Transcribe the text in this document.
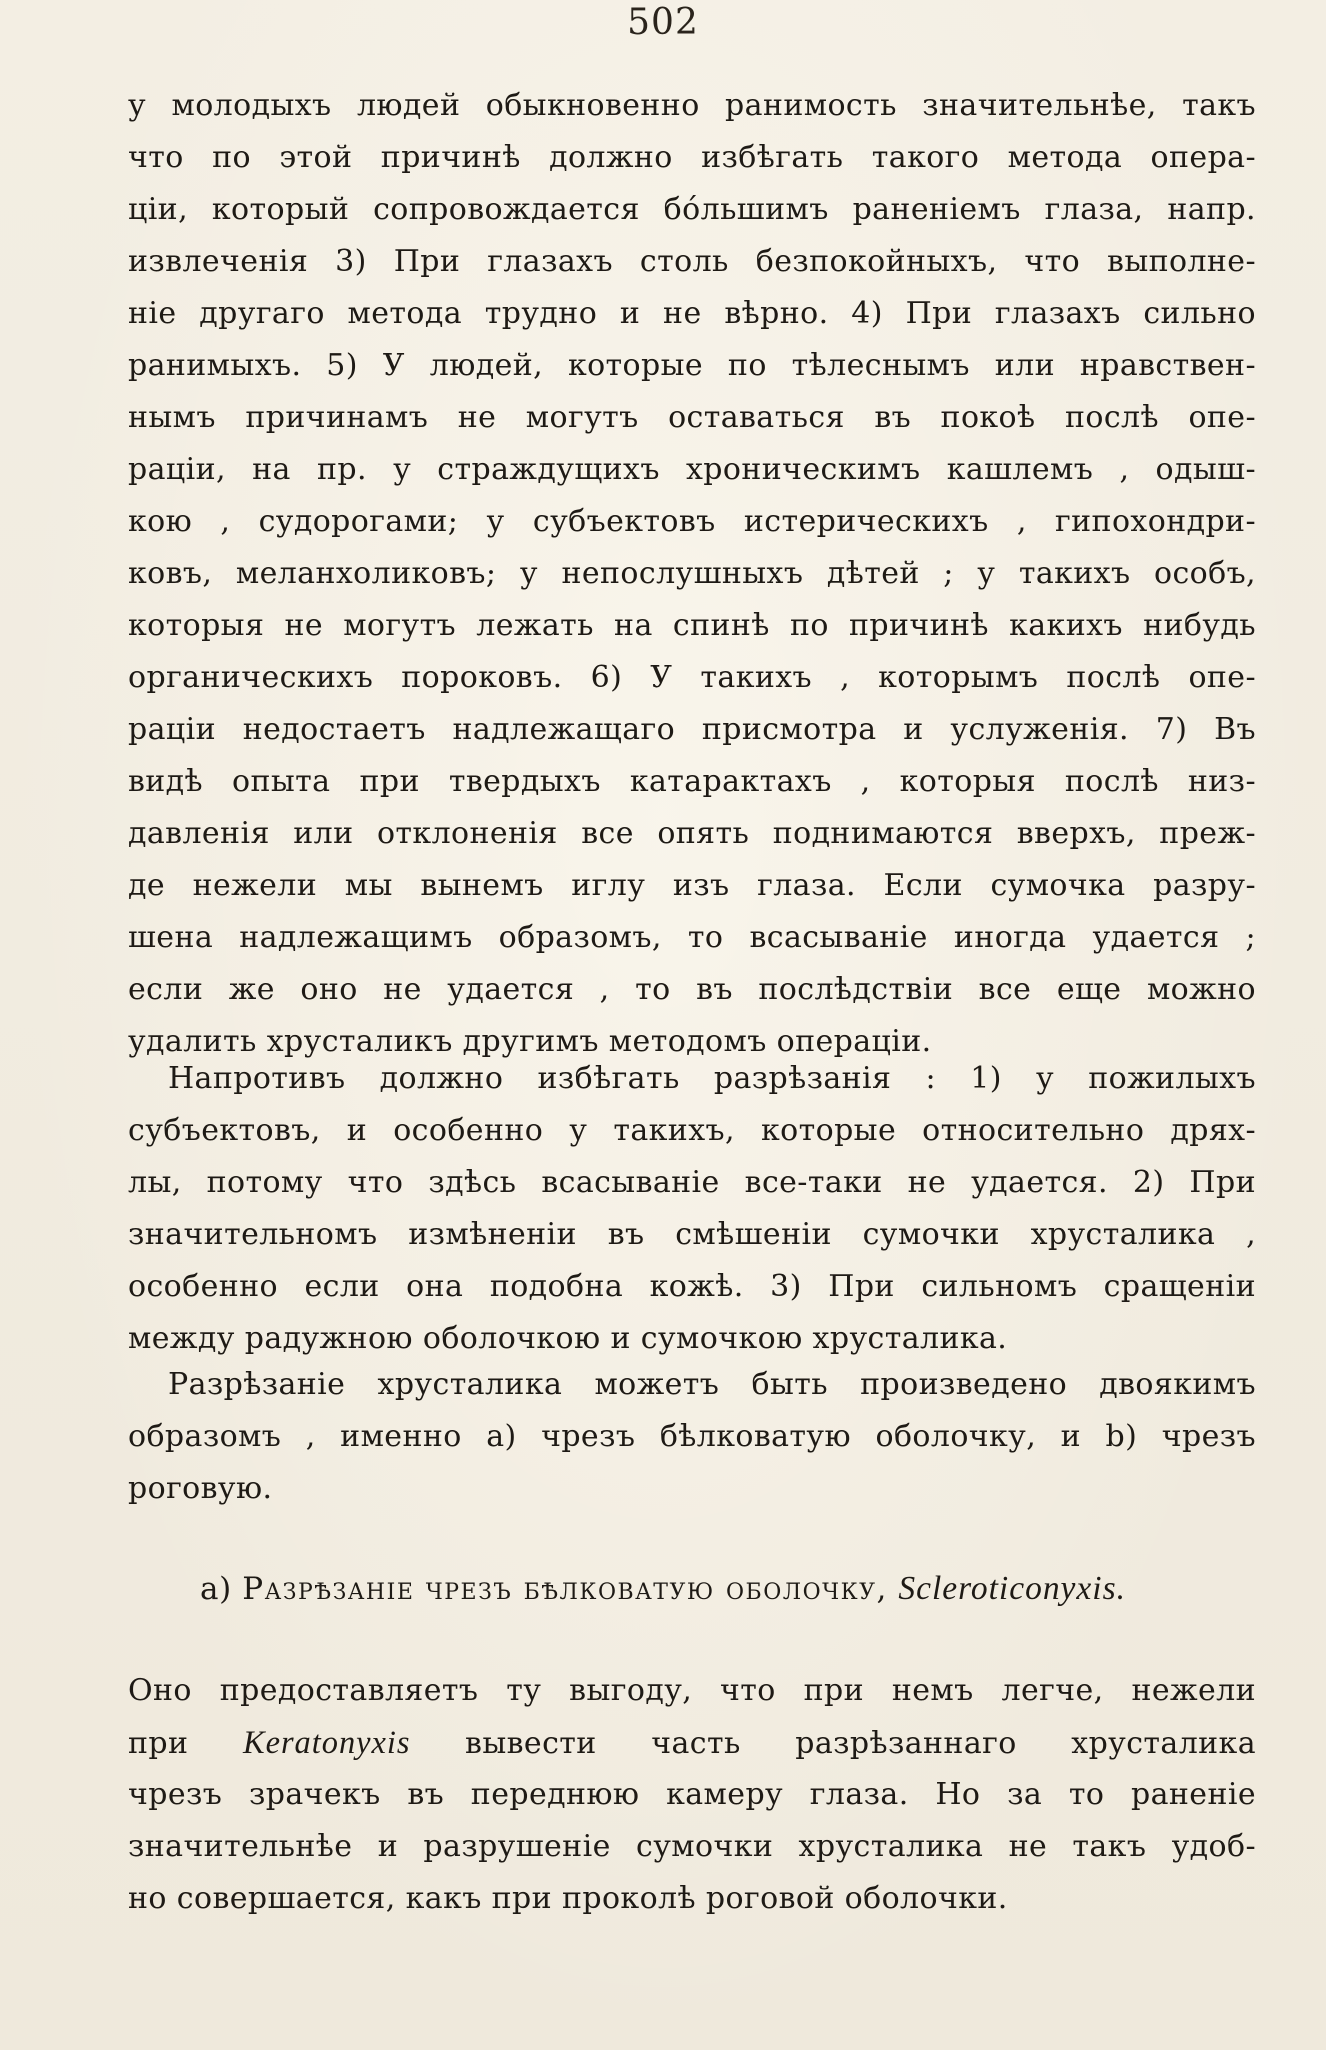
502
у молодыхъ людей обыкновенно ранимость значительнѣе, такъ
что по этой причинѣ должно избѣгать такого метода опера-
ціи, который сопровождается бо́льшимъ раненіемъ глаза, напр.
извлеченія 3) При глазахъ столь безпокойныхъ, что выполне-
ніе другаго метода трудно и не вѣрно. 4) При глазахъ сильно
ранимыхъ. 5) У людей, которые по тѣлеснымъ или нравствен-
нымъ причинамъ не могутъ оставаться въ покоѣ послѣ опе-
раціи, на пр. у страждущихъ хроническимъ кашлемъ , одыш-
кою , судорогами; у субъектовъ истерическихъ , гипохондри-
ковъ, меланхоликовъ; у непослушныхъ дѣтей ; у такихъ особъ,
которыя не могутъ лежать на спинѣ по причинѣ какихъ нибудь
органическихъ пороковъ. 6) У такихъ , которымъ послѣ опе-
раціи недостаетъ надлежащаго присмотра и услуженія. 7) Въ
видѣ опыта при твердыхъ катарактахъ , которыя послѣ низ-
давленія или отклоненія все опять поднимаются вверхъ, преж-
де нежели мы вынемъ иглу изъ глаза. Если сумочка разру-
шена надлежащимъ образомъ, то всасываніе иногда удается ;
если же оно не удается , то въ послѣдствіи все еще можно
удалить хрусталикъ другимъ методомъ операціи.
Напротивъ должно избѣгать разрѣзанія : 1) у пожилыхъ
субъектовъ, и особенно у такихъ, которые относительно дрях-
лы, потому что здѣсь всасываніе все-таки не удается. 2) При
значительномъ измѣненіи въ смѣшеніи сумочки хрусталика ,
особенно если она подобна кожѣ. 3) При сильномъ сращеніи
между радужною оболочкою и сумочкою хрусталика.
Разрѣзаніе хрусталика можетъ быть произведено двоякимъ
образомъ , именно a) чрезъ бѣлковатую оболочку, и b) чрезъ
роговую.
a) Разрѣзаніе чрезъ бѣлковатую оболочку, Scleroticonyxis.
Оно предоставляетъ ту выгоду, что при немъ легче, нежели
при Keratonyxis вывести часть разрѣзаннаго хрусталика
чрезъ зрачекъ въ переднюю камеру глаза. Но за то раненіе
значительнѣе и разрушеніе сумочки хрусталика не такъ удоб-
но совершается, какъ при проколѣ роговой оболочки.
